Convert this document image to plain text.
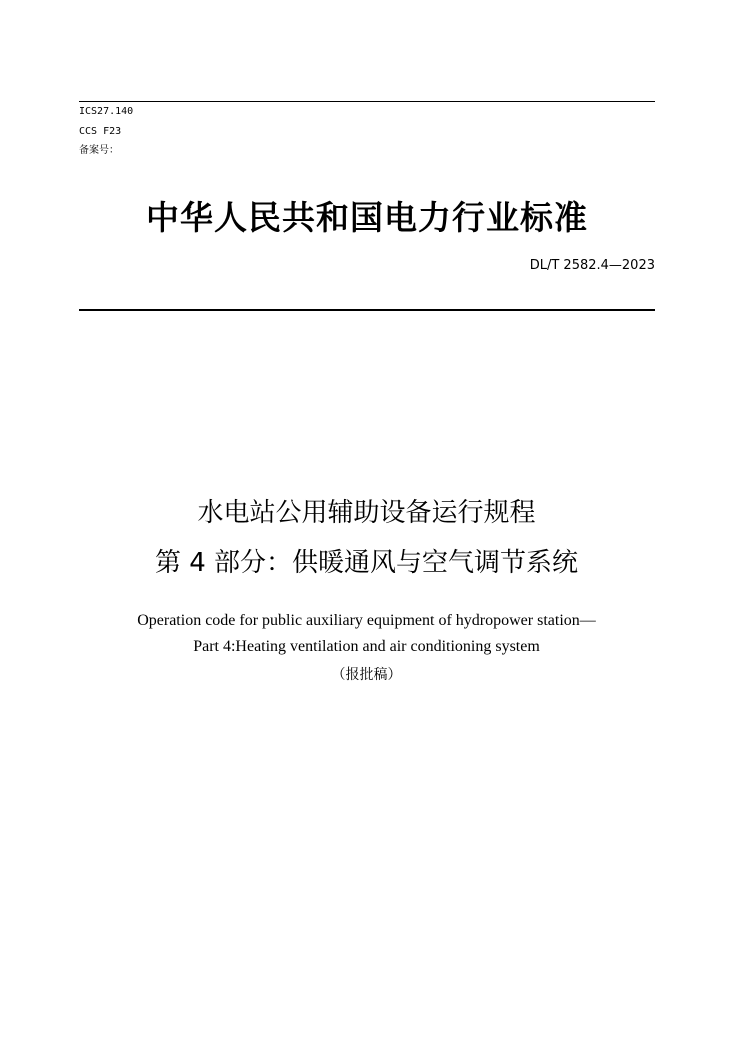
ICS27.140
CCS F23
备案号：
中华人民共和国电力行业标准
DL/T 2582.4—2023
水电站公用辅助设备运行规程
第 4 部分：供暖通风与空气调节系统
Operation code for public auxiliary equipment of hydropower station—
Part 4:Heating ventilation and air conditioning system
（报批稿）
